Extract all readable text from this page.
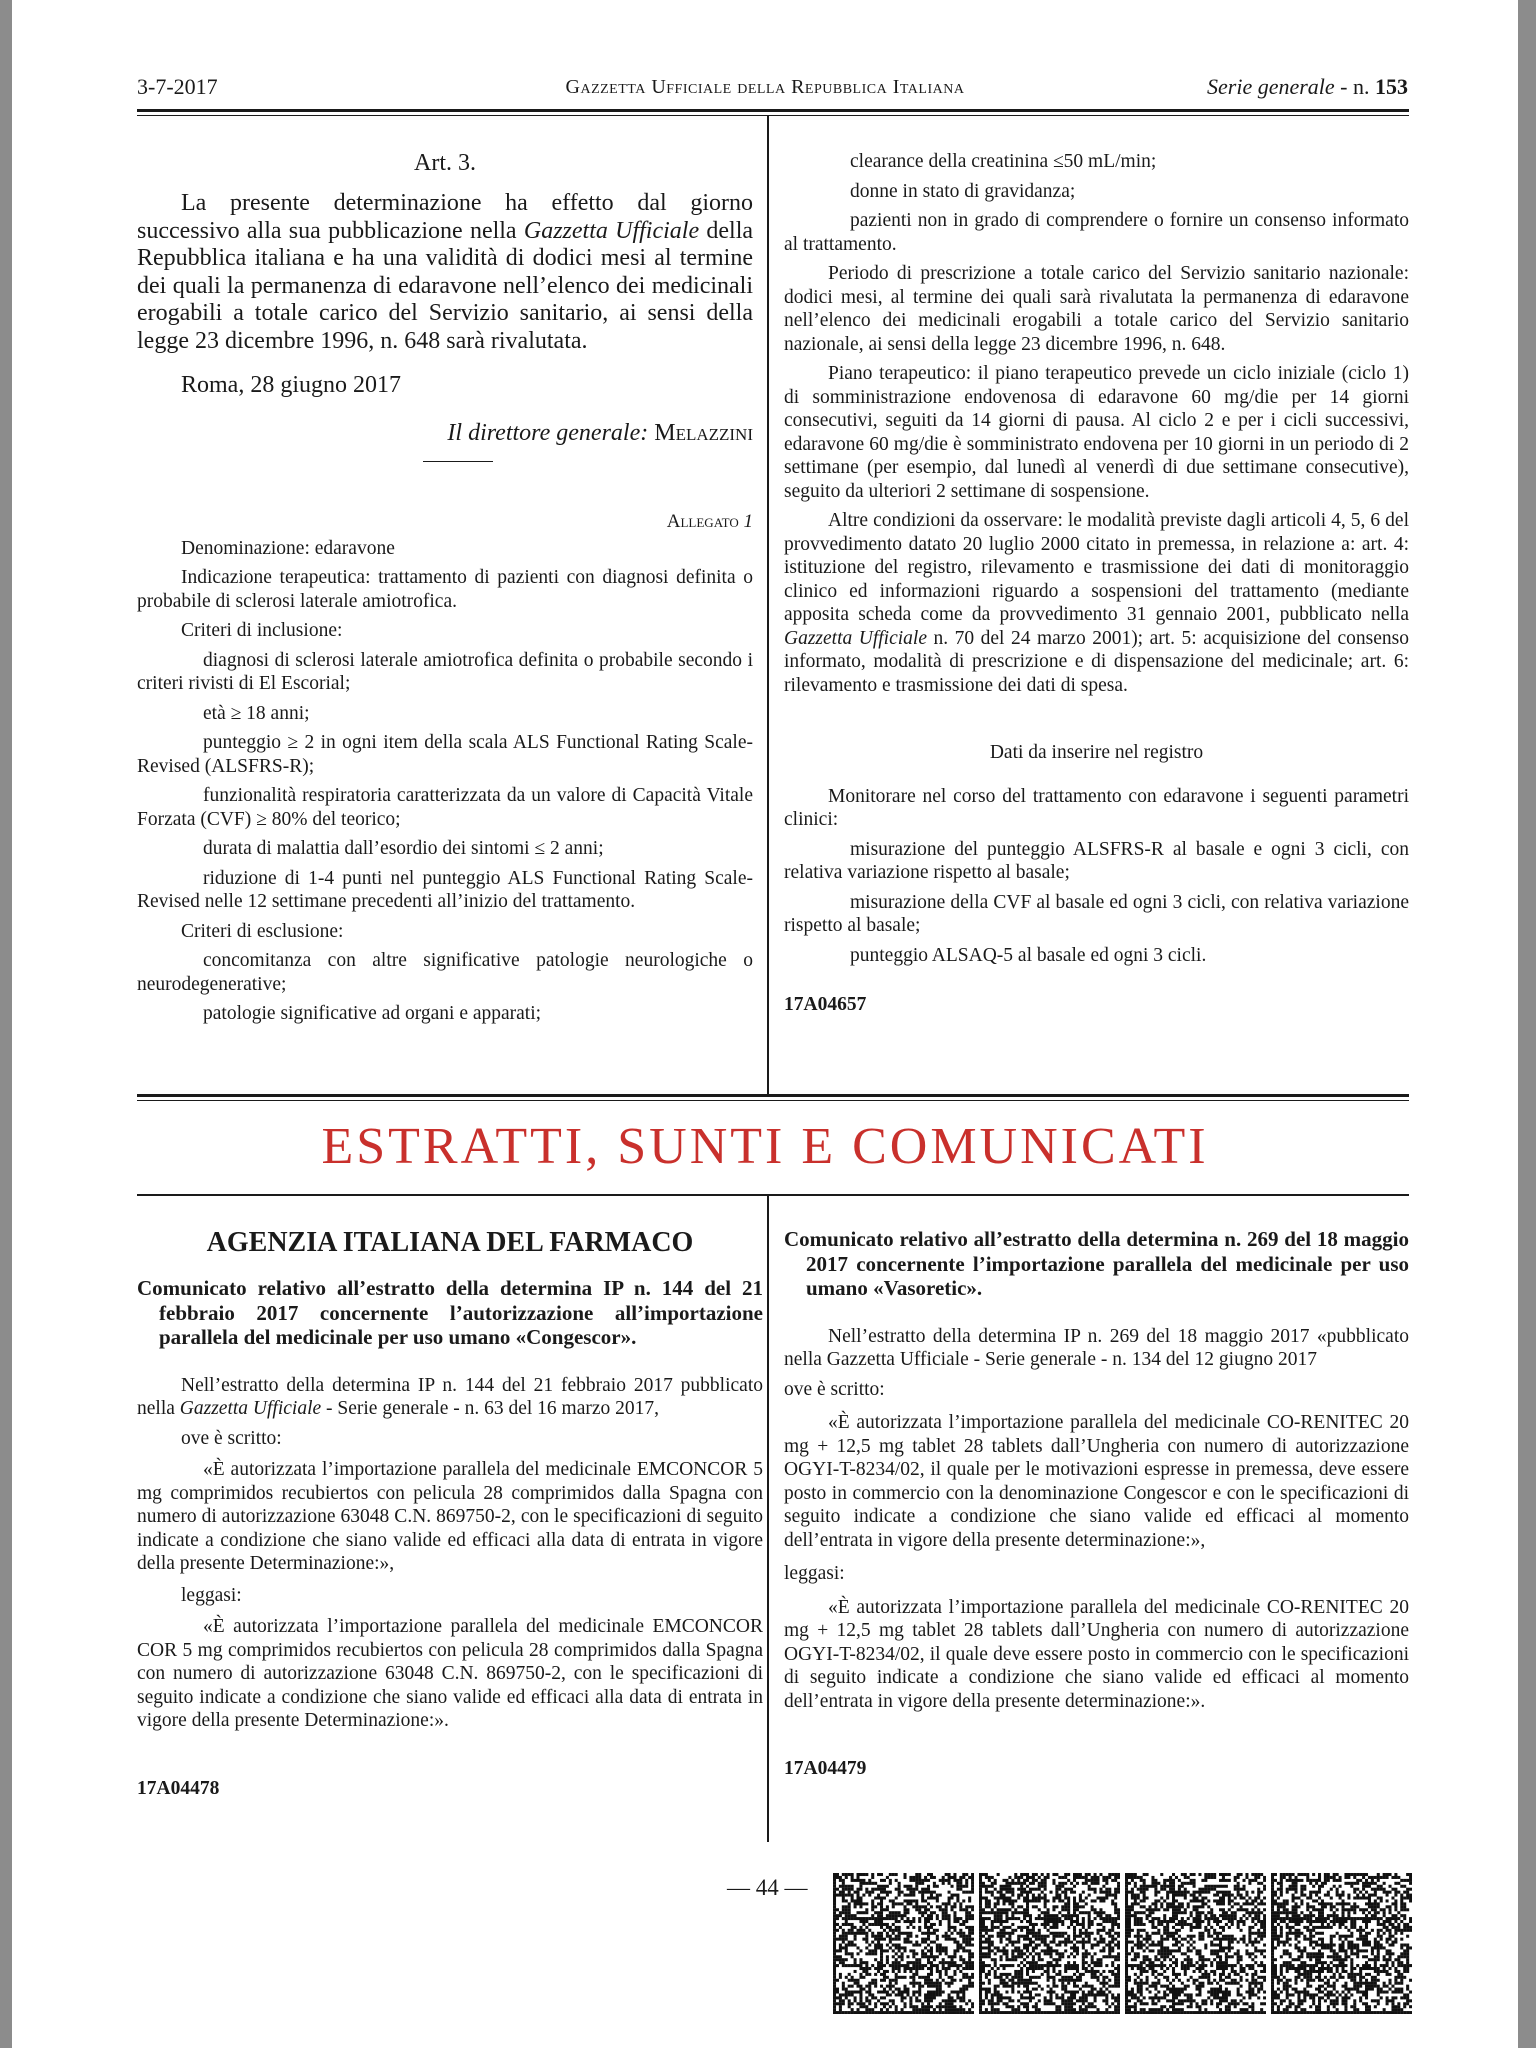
3-7-2017	Gazzetta Ufficiale della Repubblica Italiana	Serie generale - n. 153

Art. 3.

La presente determinazione ha effetto dal giorno successivo alla sua pubblicazione nella Gazzetta Ufficiale della Repubblica italiana e ha una validità di dodici mesi al termine dei quali la permanenza di edaravone nell’elenco dei medicinali erogabili a totale carico del Servizio sanitario, ai sensi della legge 23 dicembre 1996, n. 648 sarà rivalutata.

Roma, 28 giugno 2017

Il direttore generale: Melazzini

Allegato 1

Denominazione: edaravone

Indicazione terapeutica: trattamento di pazienti con diagnosi definita o probabile di sclerosi laterale amiotrofica.

Criteri di inclusione:

diagnosi di sclerosi laterale amiotrofica definita o probabile secondo i criteri rivisti di El Escorial;

età ≥ 18 anni;

punteggio ≥ 2 in ogni item della scala ALS Functional Rating Scale-Revised (ALSFRS-R);

funzionalità respiratoria caratterizzata da un valore di Capacità Vitale Forzata (CVF) ≥ 80% del teorico;

durata di malattia dall’esordio dei sintomi ≤ 2 anni;

riduzione di 1-4 punti nel punteggio ALS Functional Rating Scale-Revised nelle 12 settimane precedenti all’inizio del trattamento.

Criteri di esclusione:

concomitanza con altre significative patologie neurologiche o neurodegenerative;

patologie significative ad organi e apparati;

clearance della creatinina ≤50 mL/min;

donne in stato di gravidanza;

pazienti non in grado di comprendere o fornire un consenso informato al trattamento.

Periodo di prescrizione a totale carico del Servizio sanitario nazionale: dodici mesi, al termine dei quali sarà rivalutata la permanenza di edaravone nell’elenco dei medicinali erogabili a totale carico del Servizio sanitario nazionale, ai sensi della legge 23 dicembre 1996, n. 648.

Piano terapeutico: il piano terapeutico prevede un ciclo iniziale (ciclo 1) di somministrazione endovenosa di edaravone 60 mg/die per 14 giorni consecutivi, seguiti da 14 giorni di pausa. Al ciclo 2 e per i cicli successivi, edaravone 60 mg/die è somministrato endovena per 10 giorni in un periodo di 2 settimane (per esempio, dal lunedì al venerdì di due settimane consecutive), seguito da ulteriori 2 settimane di sospensione.

Altre condizioni da osservare: le modalità previste dagli articoli 4, 5, 6 del provvedimento datato 20 luglio 2000 citato in premessa, in relazione a: art. 4: istituzione del registro, rilevamento e trasmissione dei dati di monitoraggio clinico ed informazioni riguardo a sospensioni del trattamento (mediante apposita scheda come da provvedimento 31 gennaio 2001, pubblicato nella Gazzetta Ufficiale n. 70 del 24 marzo 2001); art. 5: acquisizione del consenso informato, modalità di prescrizione e di dispensazione del medicinale; art. 6: rilevamento e trasmissione dei dati di spesa.

Dati da inserire nel registro

Monitorare nel corso del trattamento con edaravone i seguenti parametri clinici:

misurazione del punteggio ALSFRS-R al basale e ogni 3 cicli, con relativa variazione rispetto al basale;

misurazione della CVF al basale ed ogni 3 cicli, con relativa variazione rispetto al basale;

punteggio ALSAQ-5 al basale ed ogni 3 cicli.

17A04657

ESTRATTI, SUNTI E COMUNICATI

AGENZIA ITALIANA DEL FARMACO

Comunicato relativo all’estratto della determina IP n. 144 del 21 febbraio 2017 concernente l’autorizzazione all’importazione parallela del medicinale per uso umano «Congescor».

Nell’estratto della determina IP n. 144 del 21 febbraio 2017 pubblicato nella Gazzetta Ufficiale - Serie generale - n. 63 del 16 marzo 2017,

ove è scritto:

«È autorizzata l’importazione parallela del medicinale EMCONCOR 5 mg comprimidos recubiertos con pelicula 28 comprimidos dalla Spagna con numero di autorizzazione 63048 C.N. 869750-2, con le specificazioni di seguito indicate a condizione che siano valide ed efficaci alla data di entrata in vigore della presente Determinazione:»,

leggasi:

«È autorizzata l’importazione parallela del medicinale EMCONCOR COR 5 mg comprimidos recubiertos con pelicula 28 comprimidos dalla Spagna con numero di autorizzazione 63048 C.N. 869750-2, con le specificazioni di seguito indicate a condizione che siano valide ed efficaci alla data di entrata in vigore della presente Determinazione:».

17A04478

Comunicato relativo all’estratto della determina n. 269 del 18 maggio 2017 concernente l’importazione parallela del medicinale per uso umano «Vasoretic».

Nell’estratto della determina IP n. 269 del 18 maggio 2017 «pubblicato nella Gazzetta Ufficiale - Serie generale - n. 134 del 12 giugno 2017

ove è scritto:

«È autorizzata l’importazione parallela del medicinale CO-RENITEC 20 mg + 12,5 mg tablet 28 tablets dall’Ungheria con numero di autorizzazione OGYI-T-8234/02, il quale per le motivazioni espresse in premessa, deve essere posto in commercio con la denominazione Congescor e con le specificazioni di seguito indicate a condizione che siano valide ed efficaci al momento dell’entrata in vigore della presente determinazione:»,

leggasi:

«È autorizzata l’importazione parallela del medicinale CO-RENITEC 20 mg + 12,5 mg tablet 28 tablets dall’Ungheria con numero di autorizzazione OGYI-T-8234/02, il quale deve essere posto in commercio con le specificazioni di seguito indicate a condizione che siano valide ed efficaci al momento dell’entrata in vigore della presente determinazione:».

17A04479

— 44 —
